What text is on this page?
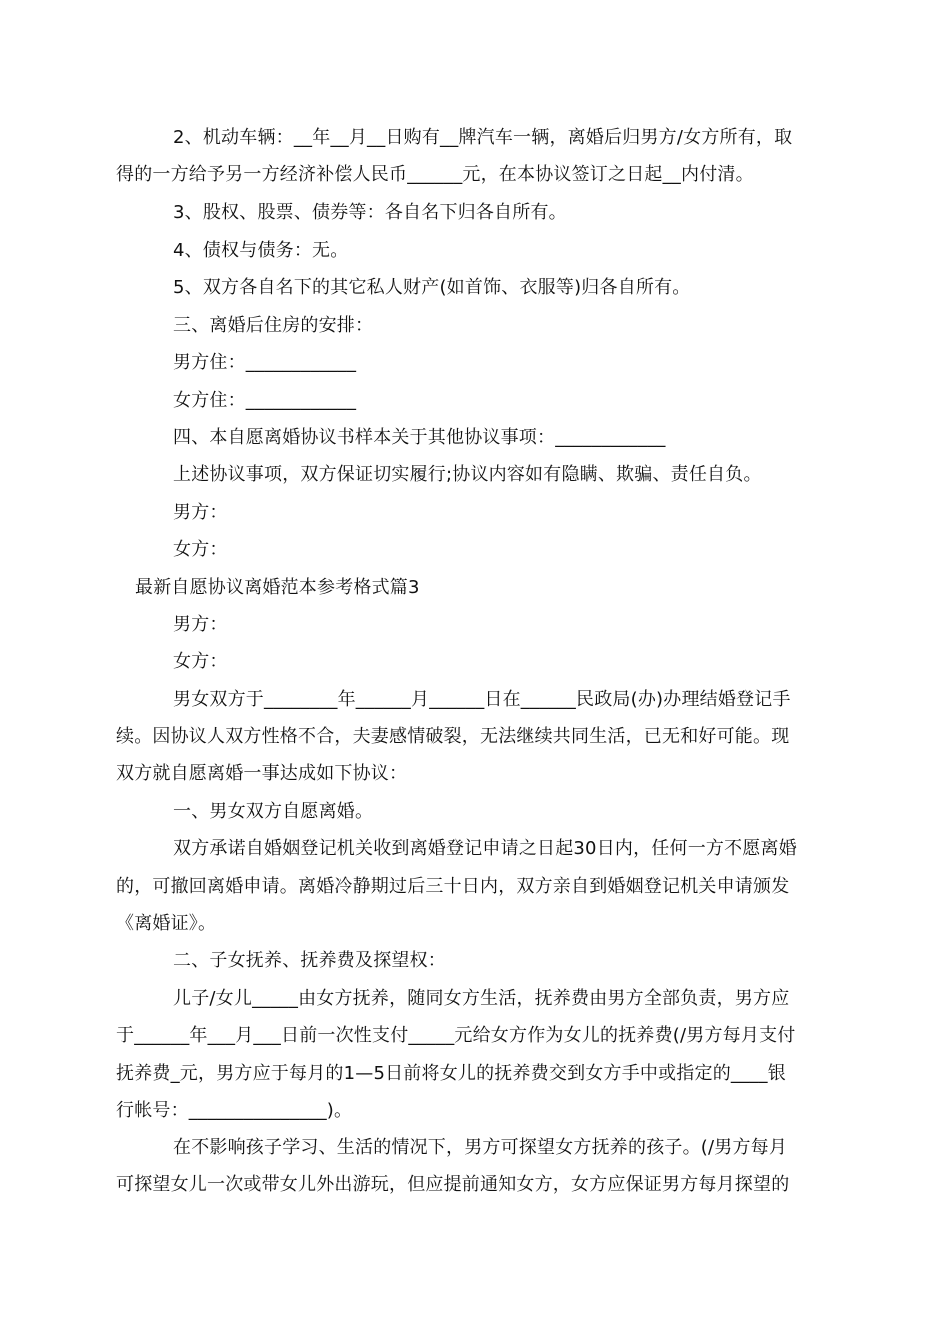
2、机动车辆：__年__月__日购有__牌汽车一辆，离婚后归男方/女方所有，取
得的一方给予另一方经济补偿人民币______元，在本协议签订之日起__内付清。
3、股权、股票、债券等：各自名下归各自所有。
4、债权与债务：无。
5、双方各自名下的其它私人财产(如首饰、衣服等)归各自所有。
三、离婚后住房的安排：
男方住：____________
女方住：____________
四、本自愿离婚协议书样本关于其他协议事项：____________
上述协议事项，双方保证切实履行;协议内容如有隐瞒、欺骗、责任自负。
男方：
女方：
最新自愿协议离婚范本参考格式篇3
男方：
女方：
男女双方于________年______月______日在______民政局(办)办理结婚登记手
续。因协议人双方性格不合，夫妻感情破裂，无法继续共同生活，已无和好可能。现
双方就自愿离婚一事达成如下协议：
一、男女双方自愿离婚。
双方承诺自婚姻登记机关收到离婚登记申请之日起30日内，任何一方不愿离婚
的，可撤回离婚申请。离婚冷静期过后三十日内，双方亲自到婚姻登记机关申请颁发
《离婚证》。
二、子女抚养、抚养费及探望权：
儿子/女儿_____由女方抚养，随同女方生活，抚养费由男方全部负责，男方应
于______年___月___日前一次性支付_____元给女方作为女儿的抚养费(/男方每月支付
抚养费_元，男方应于每月的1—5日前将女儿的抚养费交到女方手中或指定的____银
行帐号：_______________)。
在不影响孩子学习、生活的情况下，男方可探望女方抚养的孩子。(/男方每月
可探望女儿一次或带女儿外出游玩，但应提前通知女方，女方应保证男方每月探望的
